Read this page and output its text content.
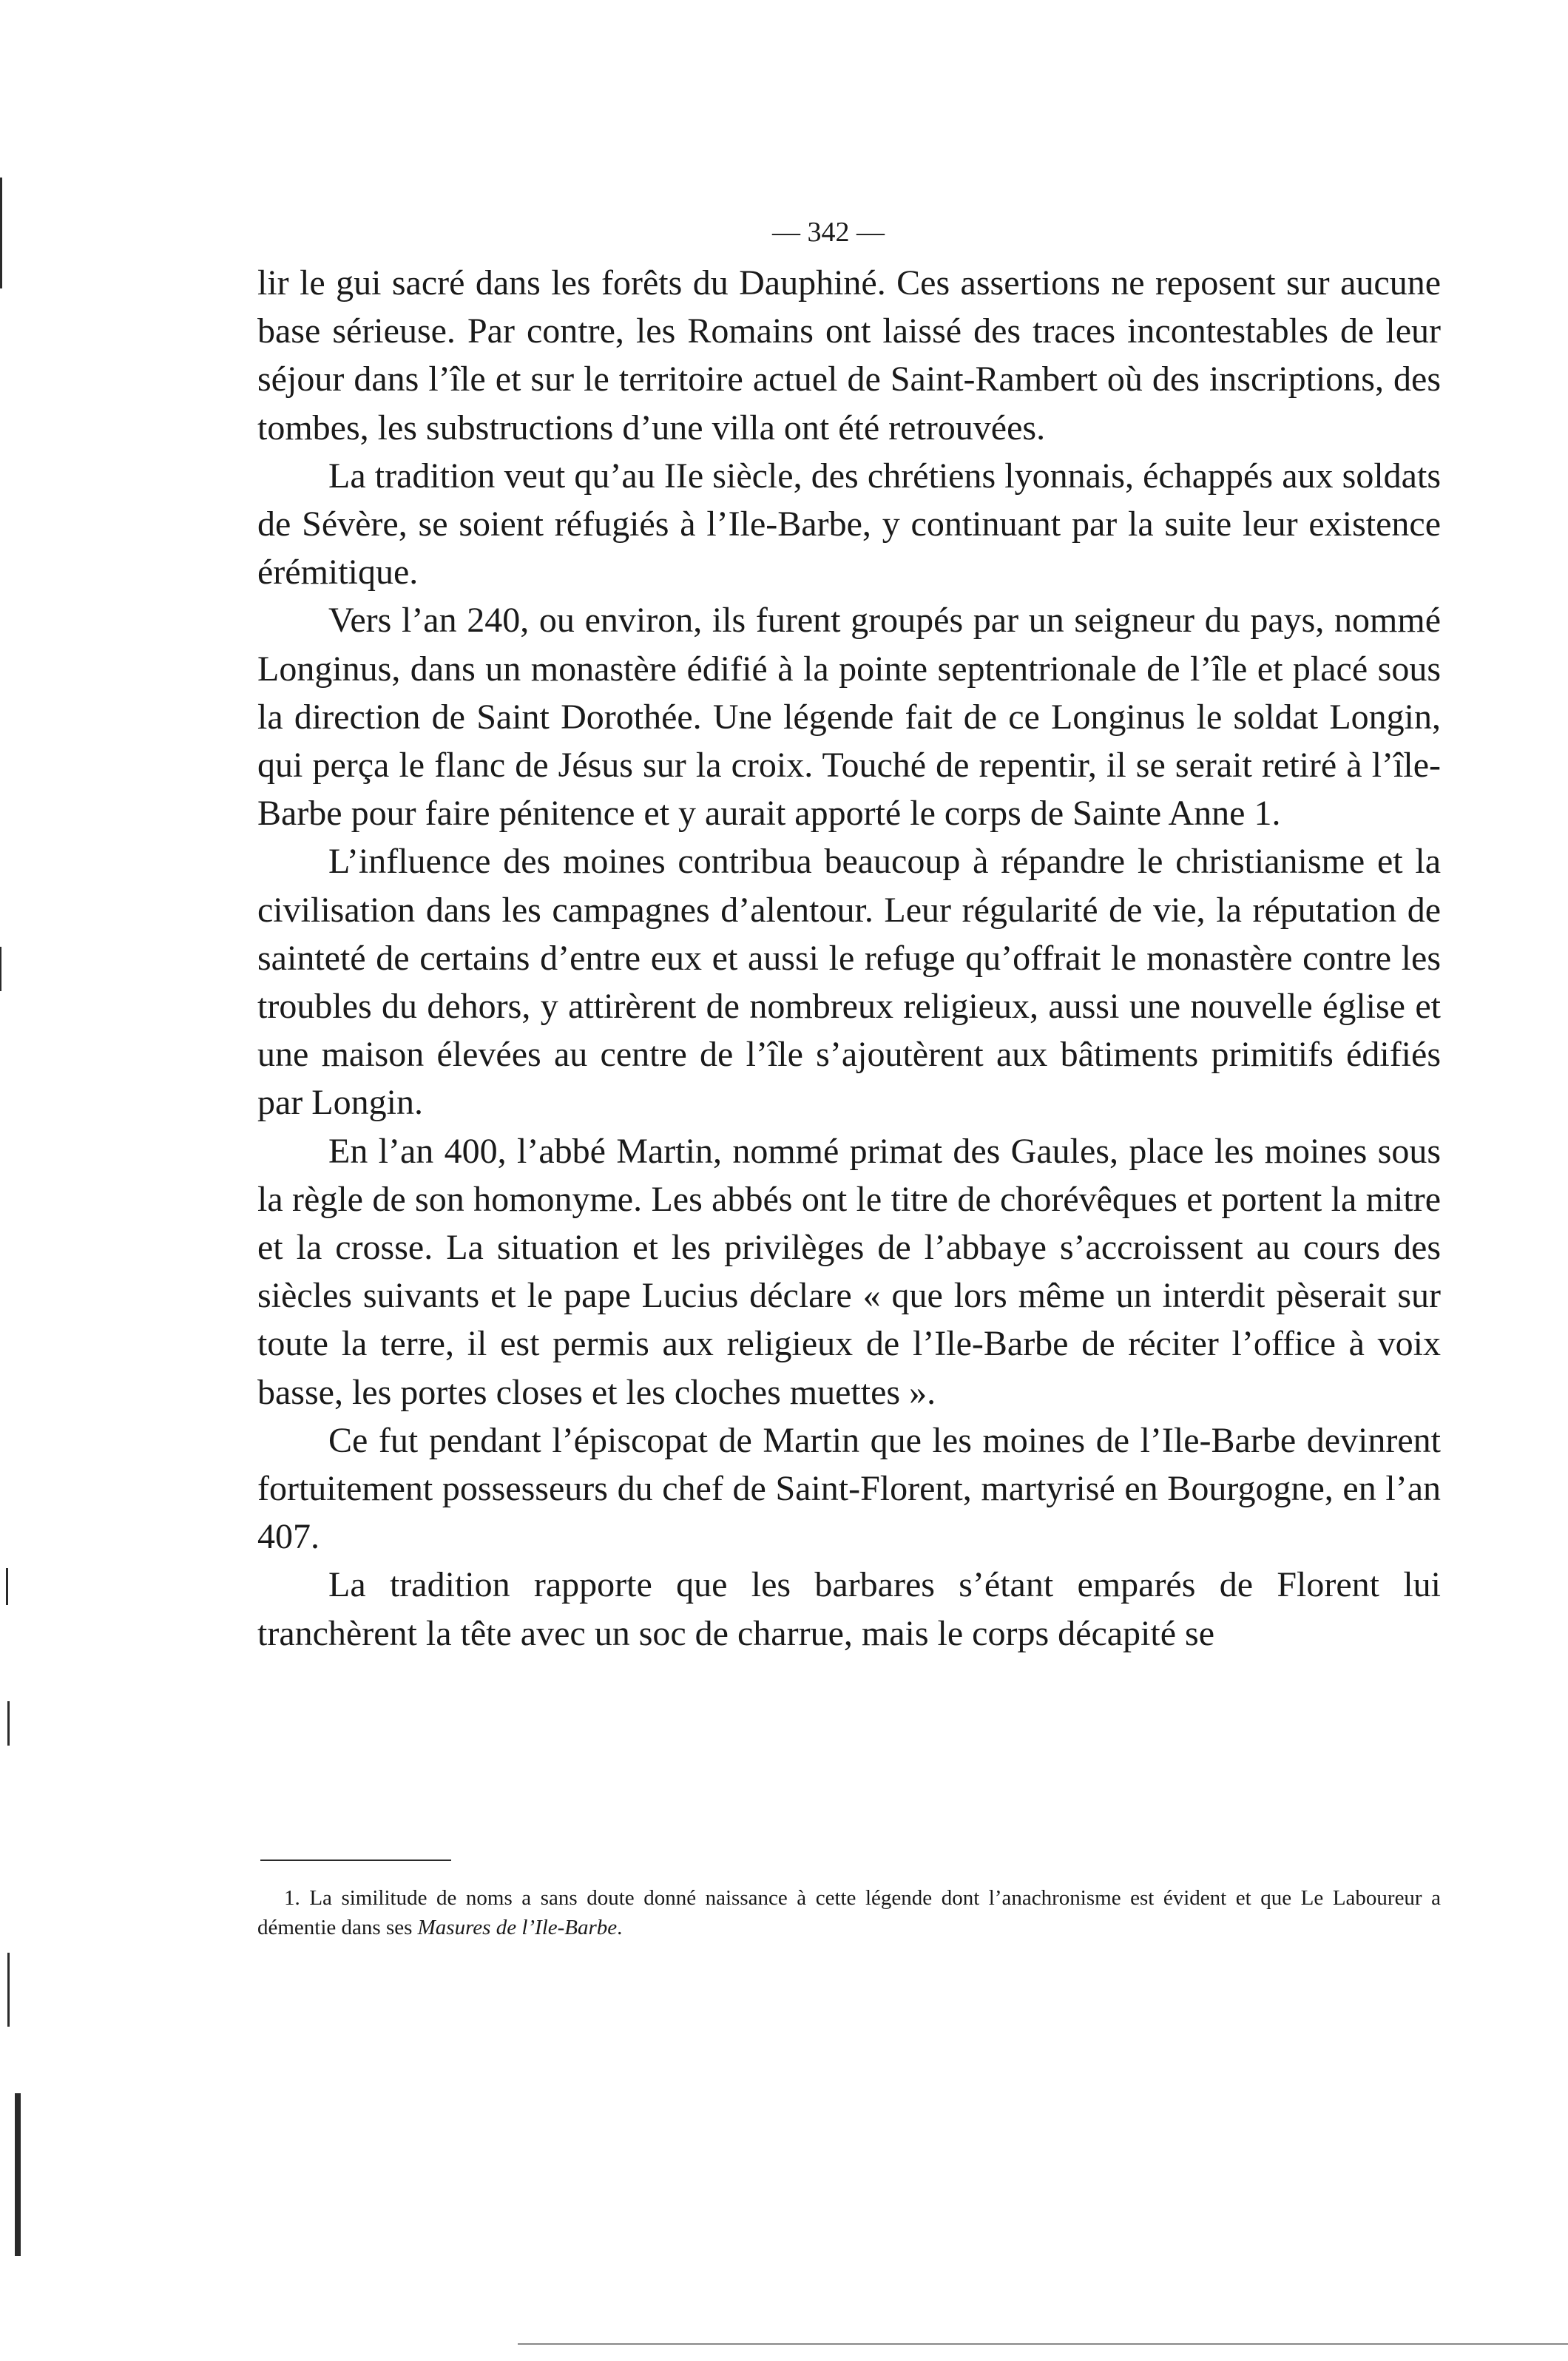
— 342 —

lir le gui sacré dans les forêts du Dauphiné. Ces assertions ne reposent sur aucune base sérieuse. Par contre, les Romains ont laissé des traces incontestables de leur séjour dans l’île et sur le territoire actuel de Saint-Rambert où des inscriptions, des tombes, les substructions d’une villa ont été retrouvées.

La tradition veut qu’au IIe siècle, des chrétiens lyonnais, échappés aux soldats de Sévère, se soient réfugiés à l’Ile-Barbe, y continuant par la suite leur existence érémitique.

Vers l’an 240, ou environ, ils furent groupés par un seigneur du pays, nommé Longinus, dans un monastère édifié à la pointe septentrionale de l’île et placé sous la direction de Saint Dorothée. Une légende fait de ce Longinus le soldat Longin, qui perça le flanc de Jésus sur la croix. Touché de repentir, il se serait retiré à l’île-Barbe pour faire pénitence et y aurait apporté le corps de Sainte Anne 1.

L’influence des moines contribua beaucoup à répandre le christianisme et la civilisation dans les campagnes d’alentour. Leur régularité de vie, la réputation de sainteté de certains d’entre eux et aussi le refuge qu’offrait le monastère contre les troubles du dehors, y attirèrent de nombreux religieux, aussi une nouvelle église et une maison élevées au centre de l’île s’ajoutèrent aux bâtiments primitifs édifiés par Longin.

En l’an 400, l’abbé Martin, nommé primat des Gaules, place les moines sous la règle de son homonyme. Les abbés ont le titre de chorévêques et portent la mitre et la crosse. La situation et les privilèges de l’abbaye s’accroissent au cours des siècles suivants et le pape Lucius déclare « que lors même un interdit pèserait sur toute la terre, il est permis aux religieux de l’Ile-Barbe de réciter l’office à voix basse, les portes closes et les cloches muettes ».

Ce fut pendant l’épiscopat de Martin que les moines de l’Ile-Barbe devinrent fortuitement possesseurs du chef de Saint-Florent, martyrisé en Bourgogne, en l’an 407.

La tradition rapporte que les barbares s’étant emparés de Florent lui tranchèrent la tête avec un soc de charrue, mais le corps décapité se

1. La similitude de noms a sans doute donné naissance à cette légende dont l’anachronisme est évident et que Le Laboureur a démentie dans ses Masures de l’Ile-Barbe.
